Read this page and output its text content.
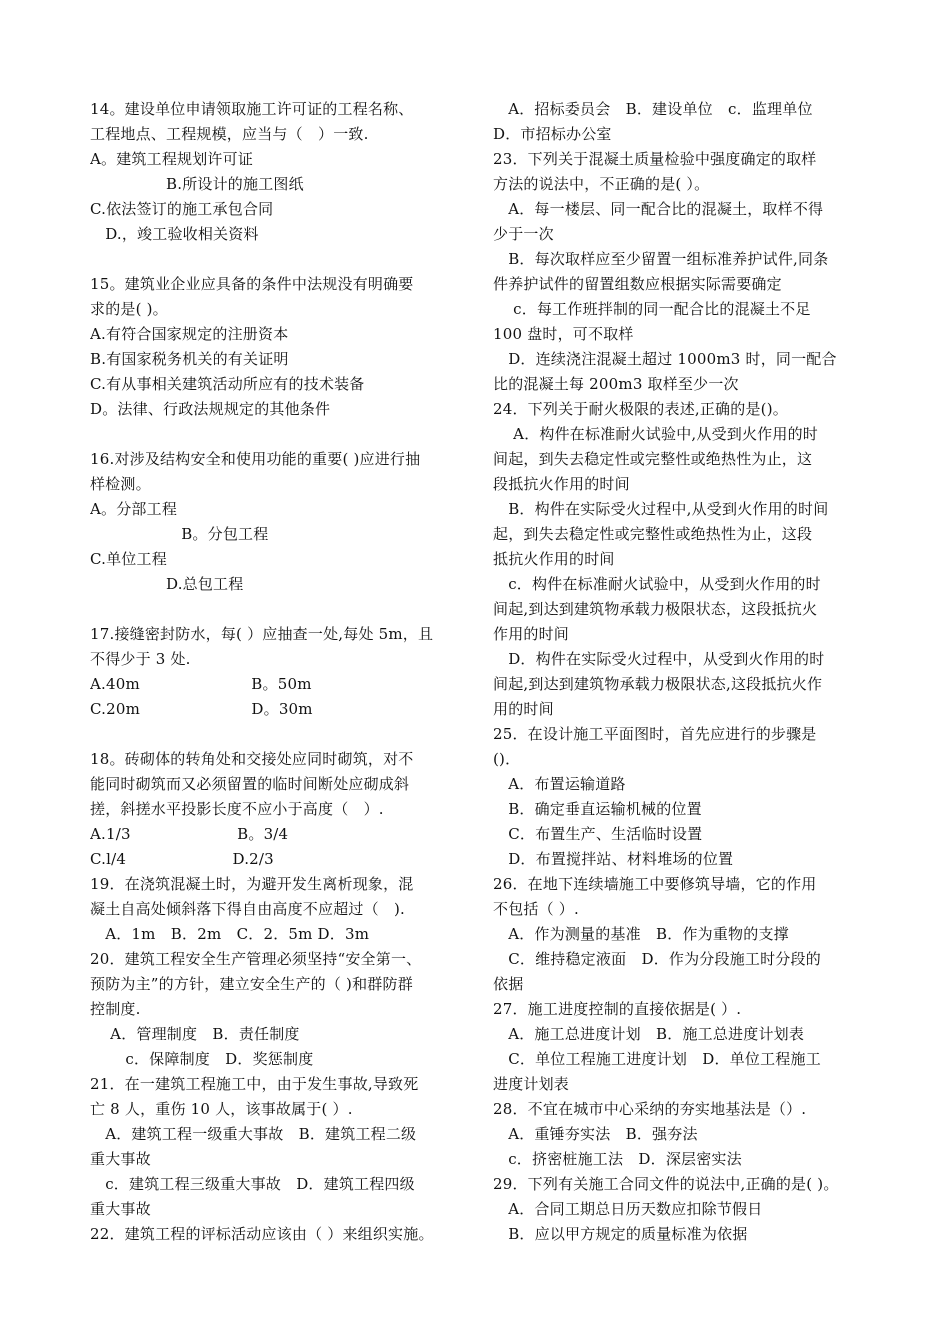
14。建设单位申请领取施工许可证的工程名称、
工程地点、工程规模，应当与（　）一致.
A。建筑工程规划许可证
　　　　　B.所设计的施工图纸
C.依法签订的施工承包合同
　D.，竣工验收相关资料
15。建筑业企业应具备的条件中法规没有明确要
求的是( )。
A.有符合国家规定的注册资本
B.有国家税务机关的有关证明
C.有从事相关建筑活动所应有的技术装备
D。法律、行政法规规定的其他条件
16.对涉及结构安全和使用功能的重要( )应进行抽
样检测。
A。分部工程
　　　　　　B。分包工程
C.单位工程
　　　　　D.总包工程
17.接缝密封防水，每( ）应抽查一处,每处 5m，且
不得少于 3 处.
A.40m　　　　　　　 B。50m
C.20m　　　　　　　 D。30m
18。砖砌体的转角处和交接处应同时砌筑，对不
能同时砌筑而又必须留置的临时间断处应砌成斜
搓，斜搓水平投影长度不应小于高度（　）.
A.1/3　　　　　　　B。3/4
C.l/4　　　　　　　D.2/3
19．在浇筑混凝土时，为避开发生离析现象，混
凝土自高处倾斜落下得自由高度不应超过（　).
　A．1m　B．2m　C．2．5m D．3m
20．建筑工程安全生产管理必须坚持“安全第一、
预防为主”的方针，建立安全生产的（ )和群防群
控制度.
　 A．管理制度　B．责任制度
　　 c．保障制度　D．奖惩制度
21．在一建筑工程施工中，由于发生事故,导致死
亡 8 人，重伤 10 人，该事故属于( ）.
　A．建筑工程一级重大事故　B．建筑工程二级
重大事故
　c．建筑工程三级重大事故　D．建筑工程四级
重大事故
22．建筑工程的评标活动应该由（ ）来组织实施。
　A．招标委员会　B．建设单位　c．监理单位
D．市招标办公室
23．下列关于混凝土质量检验中强度确定的取样
方法的说法中，不正确的是( ）。
　A．每一楼层、同一配合比的混凝土，取样不得
少于一次
　B．每次取样应至少留置一组标准养护试件,同条
件养护试件的留置组数应根据实际需要确定
　 c．每工作班拌制的同一配合比的混凝土不足
100 盘时，可不取样
　D．连续浇注混凝土超过 1000m3 时，同一配合
比的混凝土每 200m3 取样至少一次
24．下列关于耐火极限的表述,正确的是()。
　 A．构件在标准耐火试验中,从受到火作用的时
间起，到失去稳定性或完整性或绝热性为止，这
段抵抗火作用的时间
　B．构件在实际受火过程中,从受到火作用的时间
起，到失去稳定性或完整性或绝热性为止，这段
抵抗火作用的时间
　c．构件在标准耐火试验中，从受到火作用的时
间起,到达到建筑物承载力极限状态，这段抵抗火
作用的时间
　D．构件在实际受火过程中，从受到火作用的时
间起,到达到建筑物承载力极限状态,这段抵抗火作
用的时间
25．在设计施工平面图时，首先应进行的步骤是
()．
　A．布置运输道路
　B．确定垂直运输机械的位置
　C．布置生产、生活临时设置
　D．布置搅拌站、材料堆场的位置
26．在地下连续墙施工中要修筑导墙，它的作用
不包括（ ）.
　A．作为测量的基准　B．作为重物的支撑
　C．维持稳定液面　D．作为分段施工时分段的
依据
27．施工进度控制的直接依据是( ）.
　A．施工总进度计划　B．施工总进度计划表
　C．单位工程施工进度计划　D．单位工程施工
进度计划表
28．不宜在城市中心采纳的夯实地基法是（）.
　A．重锤夯实法　B．强夯法
　c．挤密桩施工法　D．深层密实法
29．下列有关施工合同文件的说法中,正确的是( )。
　A．合同工期总日历天数应扣除节假日
　B．应以甲方规定的质量标准为依据
